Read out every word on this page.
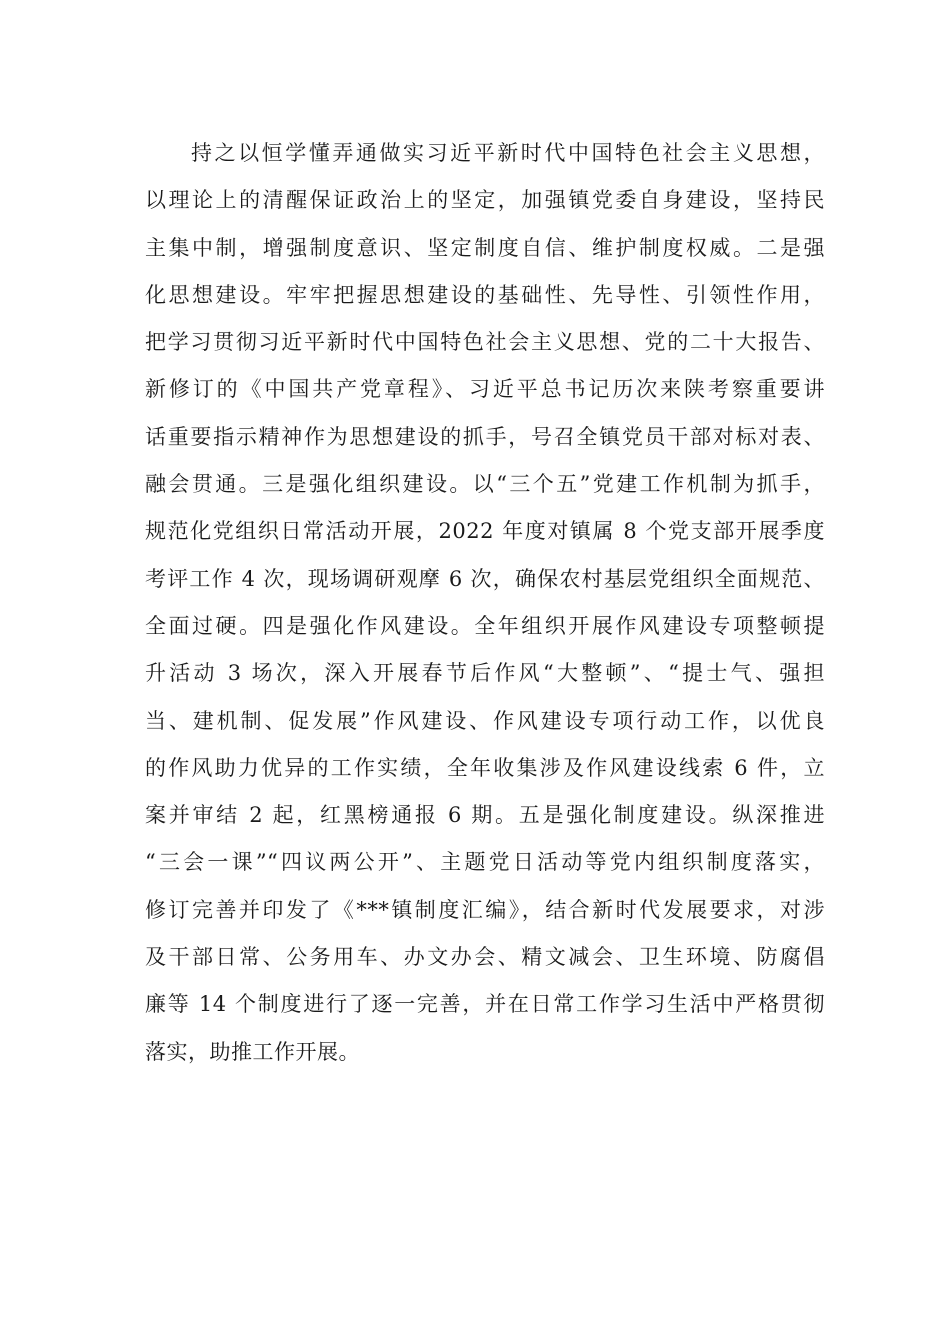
持之以恒学懂弄通做实习近平新时代中国特色社会主义思想，
以理论上的清醒保证政治上的坚定，加强镇党委自身建设，坚持民
主集中制，增强制度意识、坚定制度自信、维护制度权威。二是强
化思想建设。牢牢把握思想建设的基础性、先导性、引领性作用，
把学习贯彻习近平新时代中国特色社会主义思想、党的二十大报告、
新修订的《中国共产党章程》、习近平总书记历次来陕考察重要讲
话重要指示精神作为思想建设的抓手，号召全镇党员干部对标对表、
融会贯通。三是强化组织建设。以“三个五”党建工作机制为抓手，
规范化党组织日常活动开展，2022 年度对镇属 8 个党支部开展季度
考评工作 4 次，现场调研观摩 6 次，确保农村基层党组织全面规范、
全面过硬。四是强化作风建设。全年组织开展作风建设专项整顿提
升活动 3 场次，深入开展春节后作风“大整顿”、“提士气、强担
当、建机制、促发展”作风建设、作风建设专项行动工作，以优良
的作风助力优异的工作实绩，全年收集涉及作风建设线索 6 件，立
案并审结 2 起，红黑榜通报 6 期。五是强化制度建设。纵深推进
“三会一课”“四议两公开”、主题党日活动等党内组织制度落实，
修订完善并印发了《***镇制度汇编》，结合新时代发展要求，对涉
及干部日常、公务用车、办文办会、精文减会、卫生环境、防腐倡
廉等 14 个制度进行了逐一完善，并在日常工作学习生活中严格贯彻
落实，助推工作开展。
